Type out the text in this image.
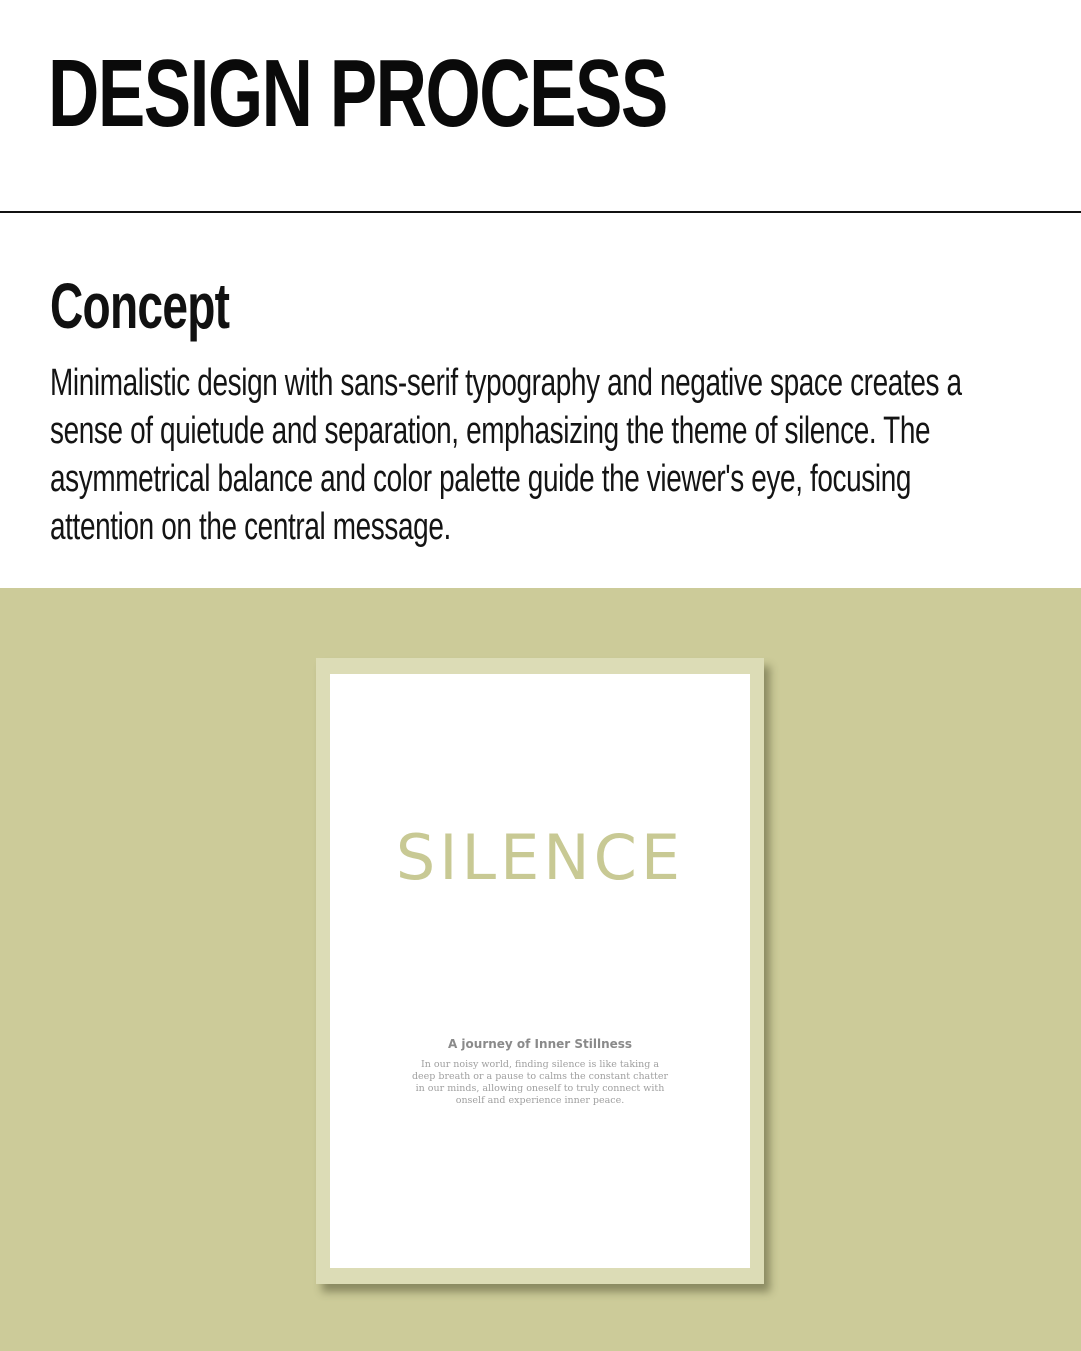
DESIGN PROCESS
Concept

Minimalistic design with sans-serif typography and negative space creates a sense of quietude and separation, emphasizing the theme of silence. The asymmetrical balance and color palette guide the viewer's eye, focusing attention on the central message.

SILENCE
A journey of Inner Stillness
In our noisy world, finding silence is like taking a deep breath or a pause to calms the constant chatter in our minds, allowing oneself to truly connect with onself and experience inner peace.
